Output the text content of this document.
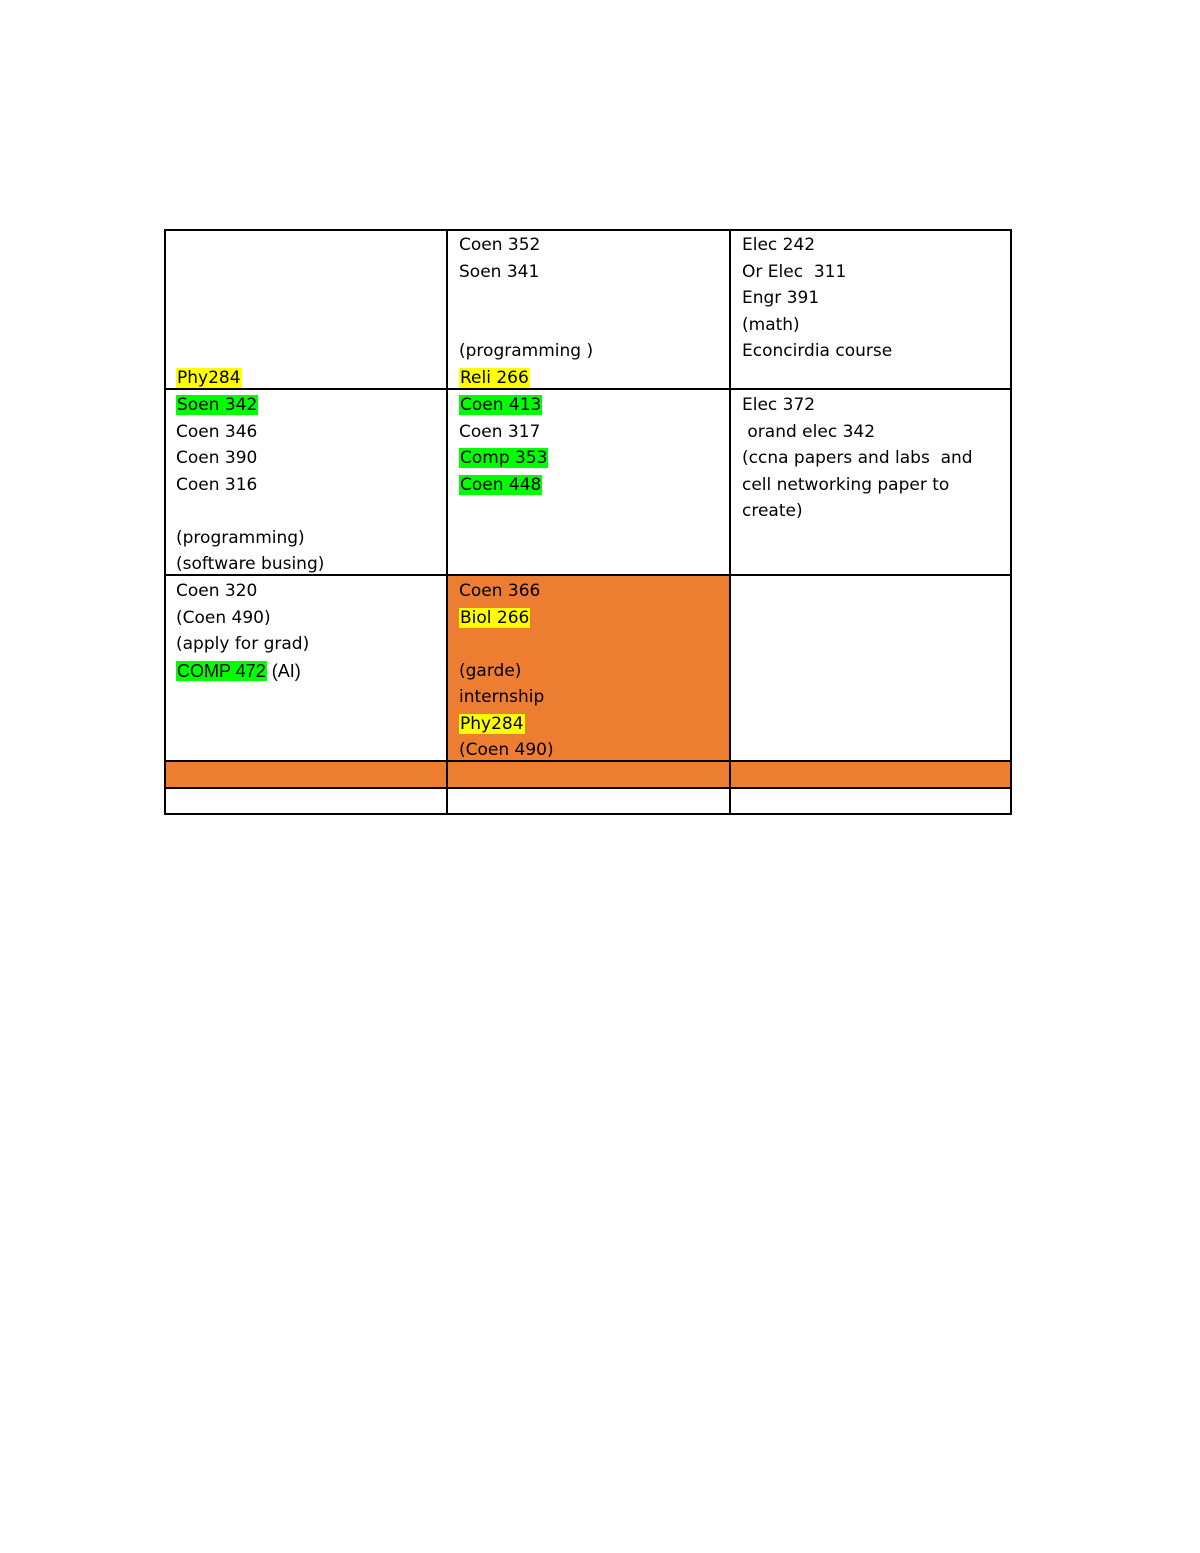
Phy284
Coen 352
Soen 341
(programming )
Reli 266
Elec 242
Or Elec  311
Engr 391
(math)
Econcirdia course
Soen 342
Coen 346
Coen 390
Coen 316
(programming)
(software busing)
Coen 413
Coen 317
Comp 353
Coen 448
Elec 372
orand elec 342
(ccna papers and labs  and
cell networking paper to
create)
Coen 320
(Coen 490)
(apply for grad)
COMP 472 (AI)
Coen 366
Biol 266
(garde)
internship
Phy284
(Coen 490)
